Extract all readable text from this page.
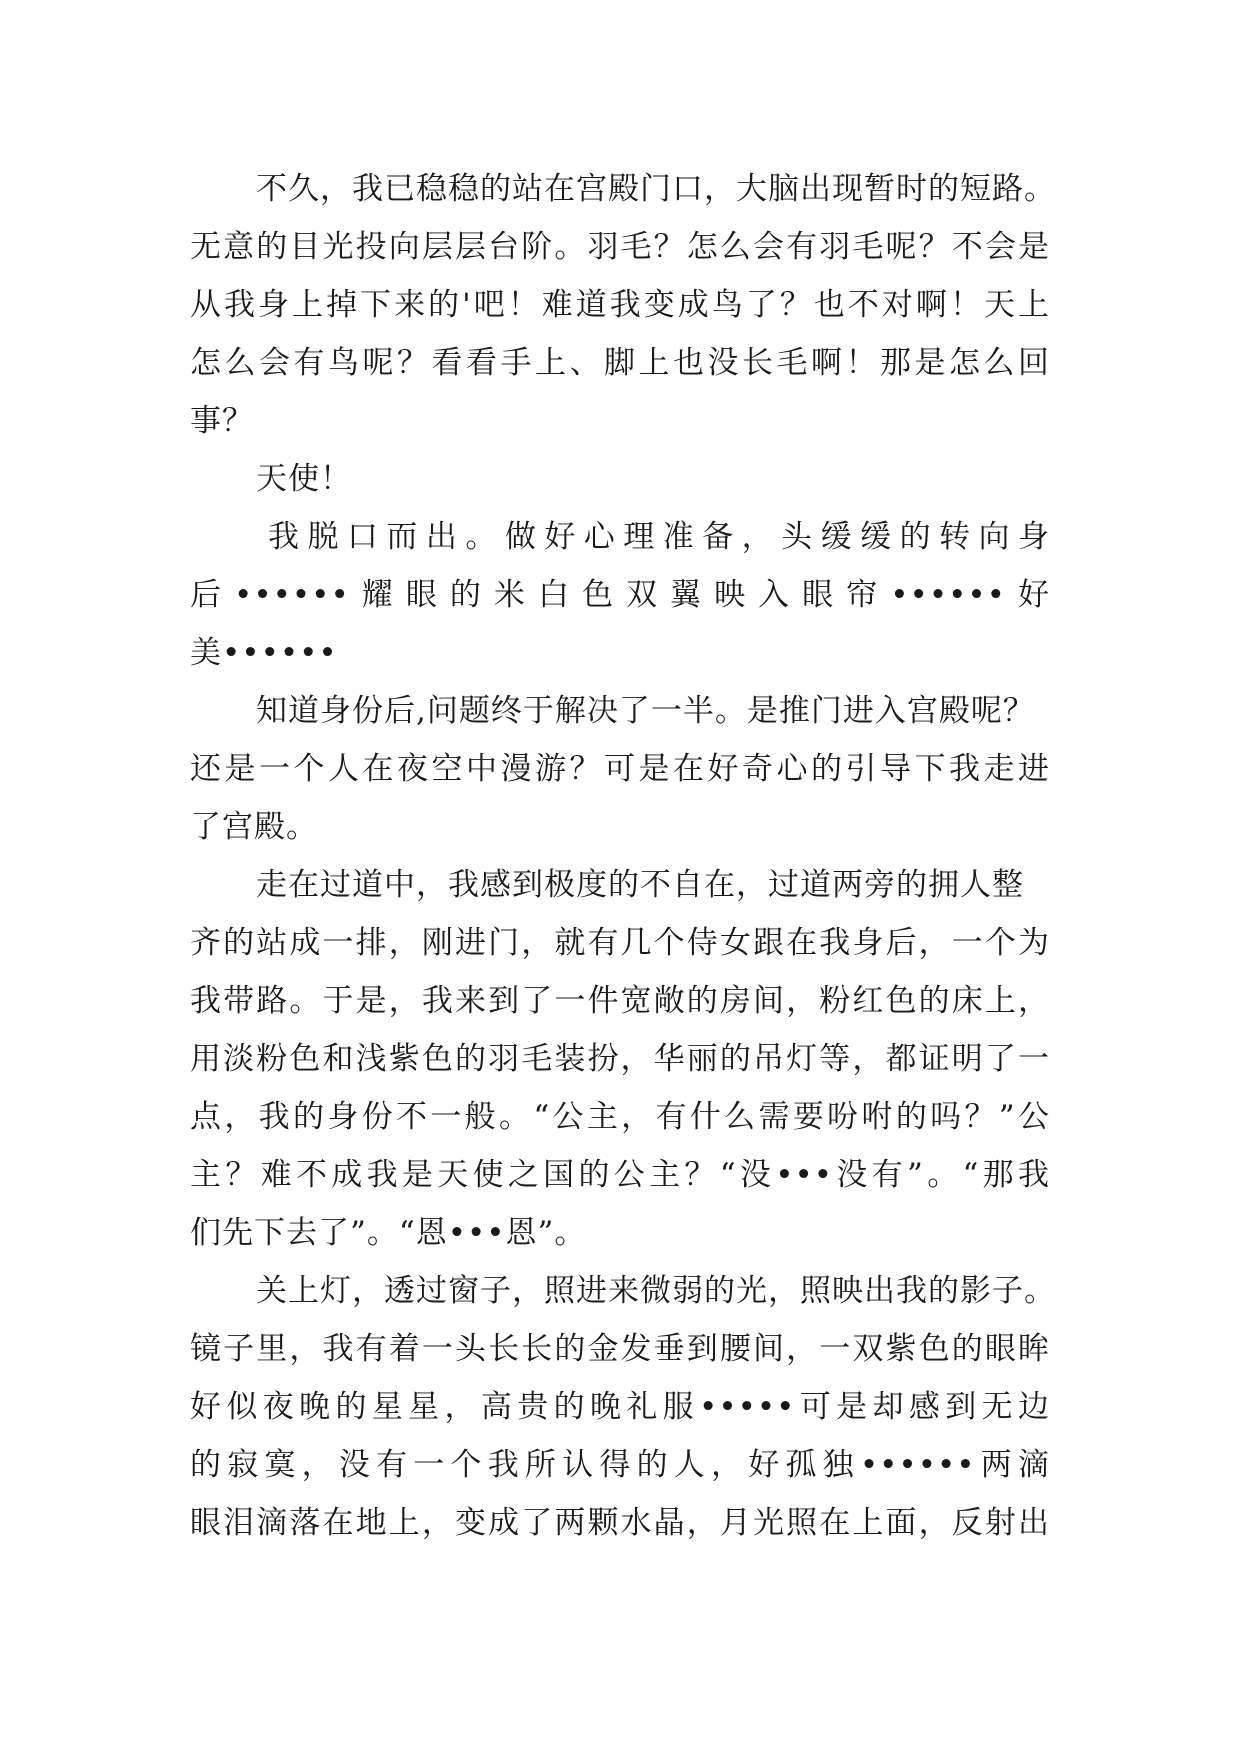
不久，我已稳稳的站在宫殿门口，大脑出现暂时的短路。
无意的目光投向层层台阶。羽毛？怎么会有羽毛呢？不会是
从我身上掉下来的'吧！难道我变成鸟了？也不对啊！天上
怎么会有鸟呢？看看手上、脚上也没长毛啊！那是怎么回
事？
天使！
我脱口而出。做好心理准备，头缓缓的转向身
后••••••耀眼的米白色双翼映入眼帘••••••好
美••••••
知道身份后,问题终于解决了一半。是推门进入宫殿呢？
还是一个人在夜空中漫游？可是在好奇心的引导下我走进
了宫殿。
走在过道中，我感到极度的不自在，过道两旁的拥人整
齐的站成一排，刚进门，就有几个侍女跟在我身后，一个为
我带路。于是，我来到了一件宽敞的房间，粉红色的床上，
用淡粉色和浅紫色的羽毛装扮，华丽的吊灯等，都证明了一
点，我的身份不一般。“公主，有什么需要吩咐的吗？”公
主？难不成我是天使之国的公主？“没•••没有”。“那我
们先下去了”。“恩•••恩”。
关上灯，透过窗子，照进来微弱的光，照映出我的影子。
镜子里，我有着一头长长的金发垂到腰间，一双紫色的眼眸
好似夜晚的星星，高贵的晚礼服•••••可是却感到无边
的寂寞，没有一个我所认得的人，好孤独••••••两滴
眼泪滴落在地上，变成了两颗水晶，月光照在上面，反射出
